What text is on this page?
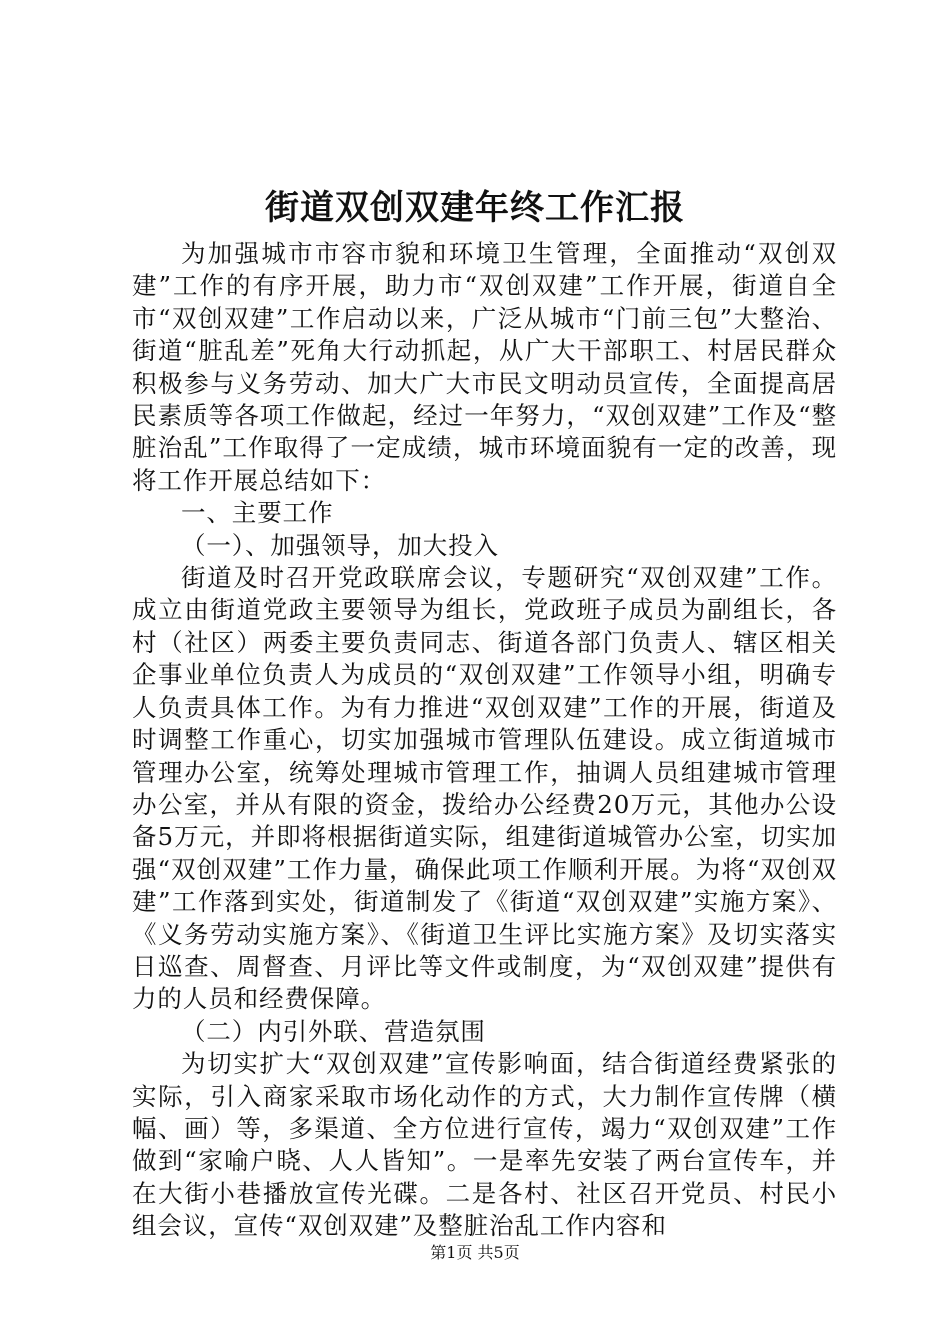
街道双创双建年终工作汇报

为加强城市市容市貌和环境卫生管理，全面推动“双创双建”工作的有序开展，助力市“双创双建”工作开展，街道自全市“双创双建”工作启动以来，广泛从城市“门前三包”大整治、街道“脏乱差”死角大行动抓起，从广大干部职工、村居民群众积极参与义务劳动、加大广大市民文明动员宣传，全面提高居民素质等各项工作做起，经过一年努力，“双创双建”工作及“整脏治乱”工作取得了一定成绩，城市环境面貌有一定的改善，现将工作开展总结如下：

一、主要工作

（一）、加强领导，加大投入

街道及时召开党政联席会议，专题研究“双创双建”工作。成立由街道党政主要领导为组长，党政班子成员为副组长，各村（社区）两委主要负责同志、街道各部门负责人、辖区相关企事业单位负责人为成员的“双创双建”工作领导小组，明确专人负责具体工作。为有力推进“双创双建”工作的开展，街道及时调整工作重心，切实加强城市管理队伍建设。成立街道城市管理办公室，统筹处理城市管理工作，抽调人员组建城市管理办公室，并从有限的资金，拨给办公经费20万元，其他办公设备5万元，并即将根据街道实际，组建街道城管办公室，切实加强“双创双建”工作力量，确保此项工作顺利开展。为将“双创双建”工作落到实处，街道制发了《街道“双创双建”实施方案》、《义务劳动实施方案》、《街道卫生评比实施方案》及切实落实日巡查、周督查、月评比等文件或制度，为“双创双建”提供有力的人员和经费保障。

（二）内引外联、营造氛围

为切实扩大“双创双建”宣传影响面，结合街道经费紧张的实际，引入商家采取市场化动作的方式，大力制作宣传牌（横幅、画）等，多渠道、全方位进行宣传，竭力“双创双建”工作做到“家喻户晓、人人皆知”。一是率先安装了两台宣传车，并在大街小巷播放宣传光碟。二是各村、社区召开党员、村民小组会议，宣传“双创双建”及整脏治乱工作内容和

第1页 共5页
